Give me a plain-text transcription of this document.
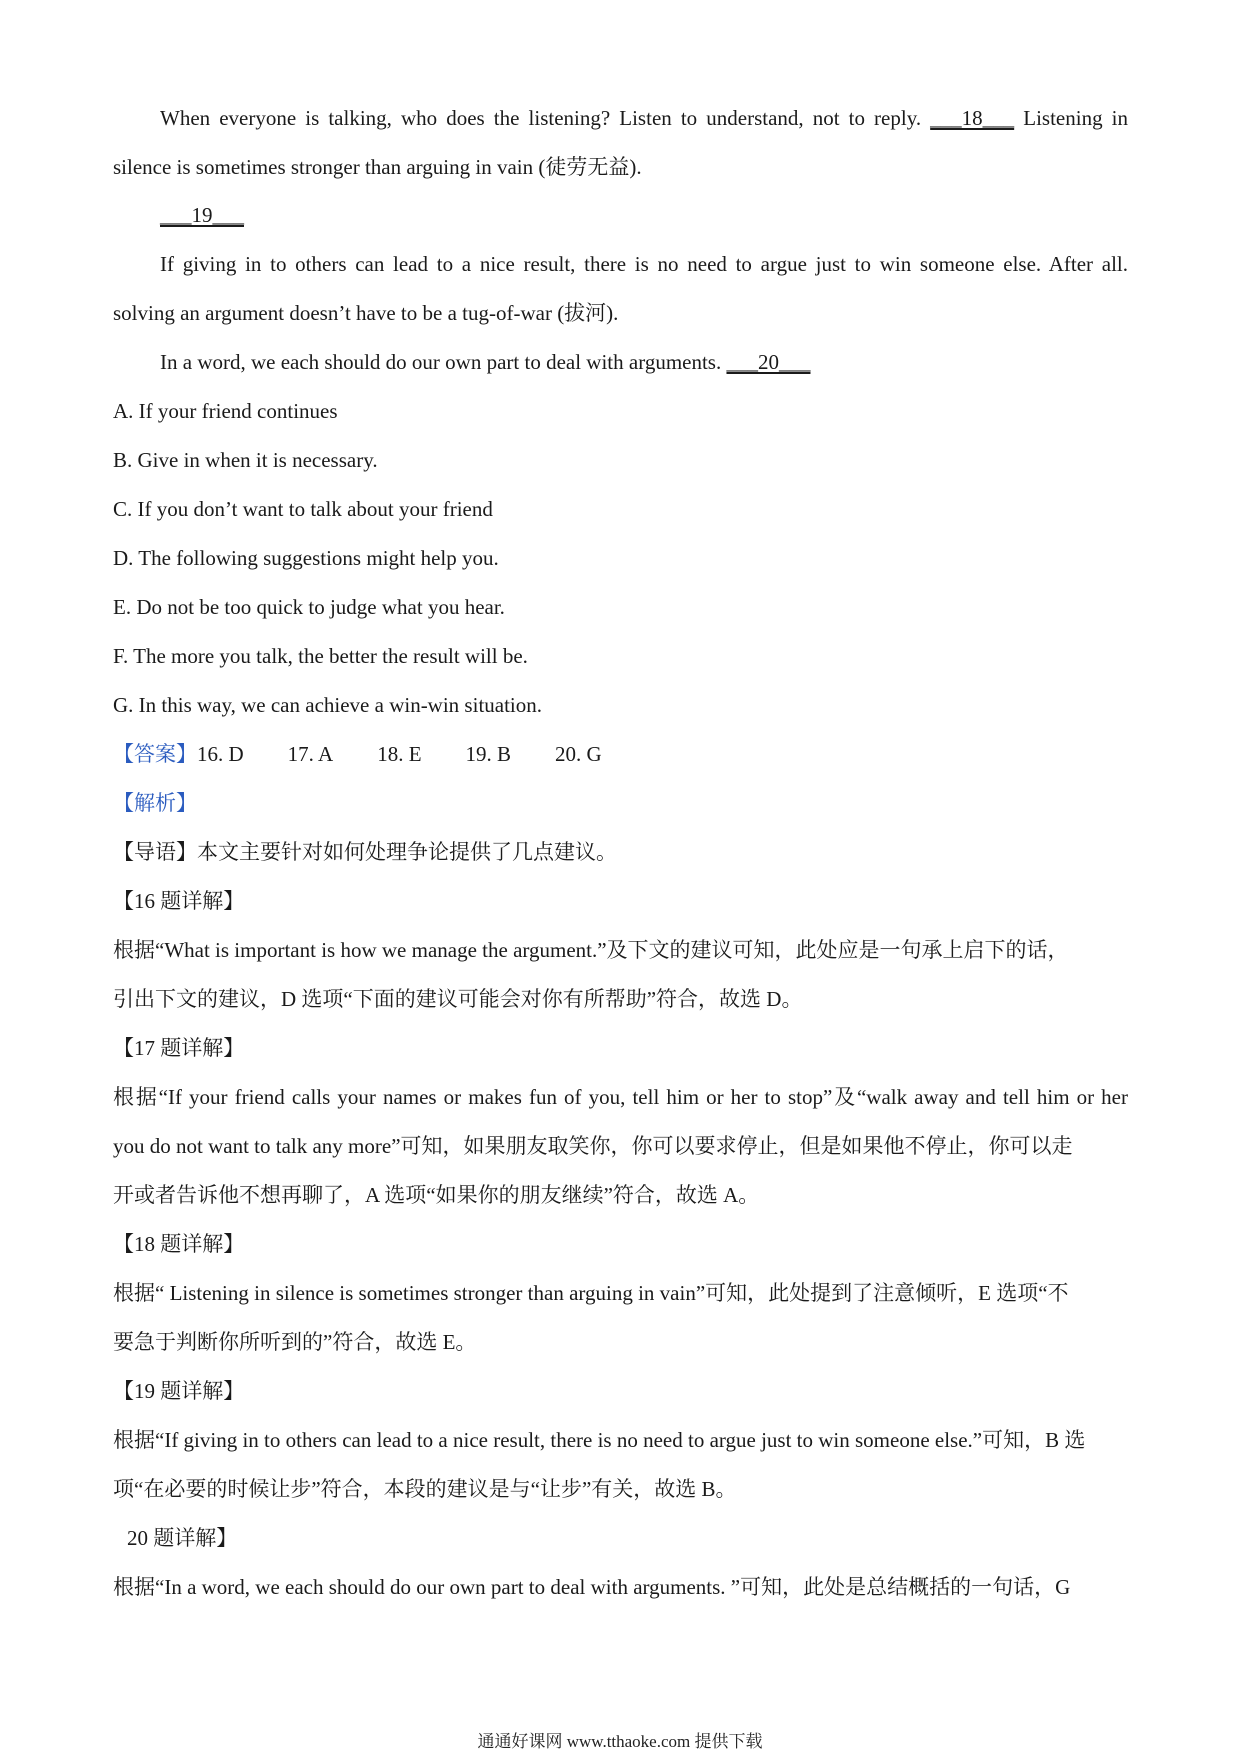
When everyone is talking, who does the listening? Listen to understand, not to reply. ___18___ Listening in
silence is sometimes stronger than arguing in vain (徒劳无益).
___19___
If giving in to others can lead to a nice result, there is no need to argue just to win someone else. After all.
solving an argument doesn’t have to be a tug-of-war (拔河).
In a word, we each should do our own part to deal with arguments. ___20___
A. If your friend continues
B. Give in when it is necessary.
C. If you don’t want to talk about your friend
D. The following suggestions might help you.
E. Do not be too quick to judge what you hear.
F. The more you talk, the better the result will be.
G. In this way, we can achieve a win-win situation.
【答案】16. D 17. A 18. E 19. B 20. G
【解析】
【导语】本文主要针对如何处理争论提供了几点建议。
【16 题详解】
根据“What is important is how we manage the argument.”及下文的建议可知，此处应是一句承上启下的话，
引出下文的建议，D 选项“下面的建议可能会对你有所帮助”符合，故选 D。
【17 题详解】
根据“If your friend calls your names or makes fun of you, tell him or her to stop”及“walk away and tell him or her
you do not want to talk any more”可知，如果朋友取笑你，你可以要求停止，但是如果他不停止，你可以走
开或者告诉他不想再聊了，A 选项“如果你的朋友继续”符合，故选 A。
【18 题详解】
根据“ Listening in silence is sometimes stronger than arguing in vain”可知，此处提到了注意倾听，E 选项“不
要急于判断你所听到的”符合，故选 E。
【19 题详解】
根据“If giving in to others can lead to a nice result, there is no need to argue just to win someone else.”可知，B 选
项“在必要的时候让步”符合，本段的建议是与“让步”有关，故选 B。
20 题详解】
根据“In a word, we each should do our own part to deal with arguments. ”可知，此处是总结概括的一句话，G
通通好课网 www.tthaoke.com 提供下载
